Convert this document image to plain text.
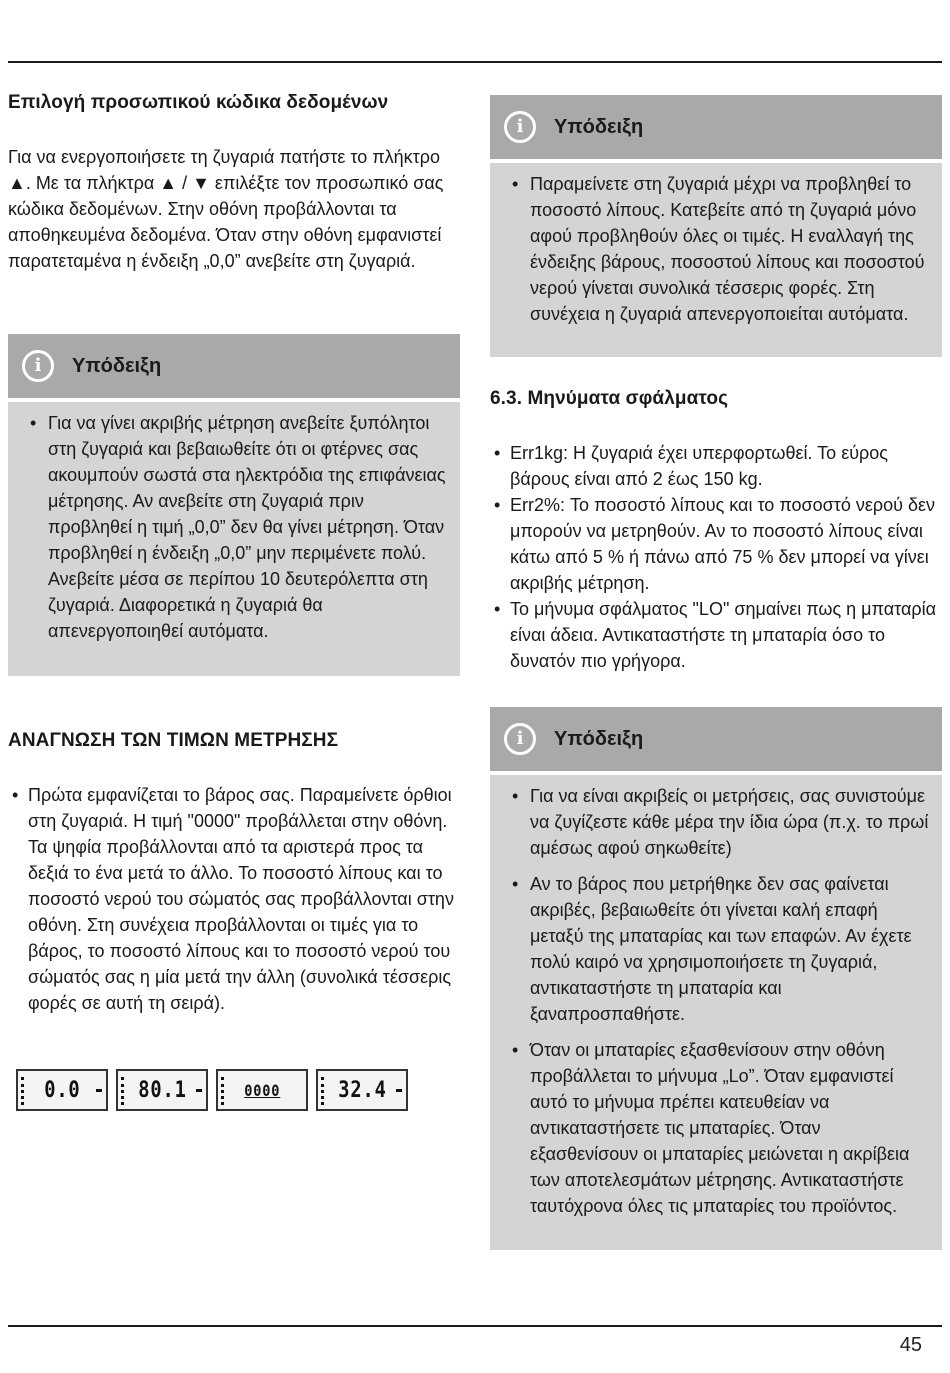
Επιλογή προσωπικού κώδικα δεδομένων

Για να ενεργοποιήσετε τη ζυγαριά πατήστε το πλήκτρο ▲. Με τα πλήκτρα ▲ / ▼ επιλέξτε τον προσωπικό σας κώδικα δεδομένων. Στην οθόνη προβάλλονται τα αποθηκευμένα δεδομένα. Όταν στην οθόνη εμφανιστεί παρατεταμένα η ένδειξη „0,0” ανεβείτε στη ζυγαριά.

i Υπόδειξη
• Για να γίνει ακριβής μέτρηση ανεβείτε ξυπόλητοι στη ζυγαριά και βεβαιωθείτε ότι οι φτέρνες σας ακουμπούν σωστά στα ηλεκτρόδια της επιφάνειας μέτρησης. Αν ανεβείτε στη ζυγαριά πριν προβληθεί η τιμή „0,0” δεν θα γίνει μέτρηση. Όταν προβληθεί η ένδειξη „0,0” μην περιμένετε πολύ. Ανεβείτε μέσα σε περίπου 10 δευτερόλεπτα στη ζυγαριά. Διαφορετικά η ζυγαριά θα απενεργοποιηθεί αυτόματα.
ΑΝΑΓΝΩΣΗ ΤΩΝ ΤΙΜΩΝ ΜΕΤΡΗΣΗΣ
• Πρώτα εμφανίζεται το βάρος σας. Παραμείνετε όρθιοι στη ζυγαριά. Η τιμή "0000" προβάλλεται στην οθόνη. Τα ψηφία προβάλλονται από τα αριστερά προς τα δεξιά το ένα μετά το άλλο. Το ποσοστό λίπους και το ποσοστό νερού του σώματός σας προβάλλονται στην οθόνη. Στη συνέχεια προβάλλονται οι τιμές για το βάρος, το ποσοστό λίπους και το ποσοστό νερού του σώματός σας η μία μετά την άλλη (συνολικά τέσσερις φορές σε αυτή τη σειρά).
0.0	80.1	0000	32.4
i Υπόδειξη
• Παραμείνετε στη ζυγαριά μέχρι να προβληθεί το ποσοστό λίπους. Κατεβείτε από τη ζυγαριά μόνο αφού προβληθούν όλες οι τιμές. Η εναλλαγή της ένδειξης βάρους, ποσοστού λίπους και ποσοστού νερού γίνεται συνολικά τέσσερις φορές. Στη συνέχεια η ζυγαριά απενεργοποιείται αυτόματα.
6.3. Μηνύματα σφάλματος
• Err1kg: Η ζυγαριά έχει υπερφορτωθεί. Το εύρος βάρους είναι από 2 έως 150 kg.
• Err2%: Το ποσοστό λίπους και το ποσοστό νερού δεν μπορούν να μετρηθούν. Αν το ποσοστό λίπους είναι κάτω από 5 % ή πάνω από 75 % δεν μπορεί να γίνει ακριβής μέτρηση.
• Το μήνυμα σφάλματος "LO" σημαίνει πως η μπαταρία είναι άδεια. Αντικαταστήστε τη μπαταρία όσο το δυνατόν πιο γρήγορα.
i Υπόδειξη
• Για να είναι ακριβείς οι μετρήσεις, σας συνιστούμε να ζυγίζεστε κάθε μέρα την ίδια ώρα (π.χ. το πρωί αμέσως αφού σηκωθείτε)
• Αν το βάρος που μετρήθηκε δεν σας φαίνεται ακριβές, βεβαιωθείτε ότι γίνεται καλή επαφή μεταξύ της μπαταρίας και των επαφών. Αν έχετε πολύ καιρό να χρησιμοποιήσετε τη ζυγαριά, αντικαταστήστε τη μπαταρία και ξαναπροσπαθήστε.
• Όταν οι μπαταρίες εξασθενίσουν στην οθόνη προβάλλεται το μήνυμα „Lo”. Όταν εμφανιστεί αυτό το μήνυμα πρέπει κατευθείαν να αντικαταστήσετε τις μπαταρίες. Όταν εξασθενίσουν οι μπαταρίες μειώνεται η ακρίβεια των αποτελεσμάτων μέτρησης. Αντικαταστήστε ταυτόχρονα όλες τις μπαταρίες του προϊόντος.
45
